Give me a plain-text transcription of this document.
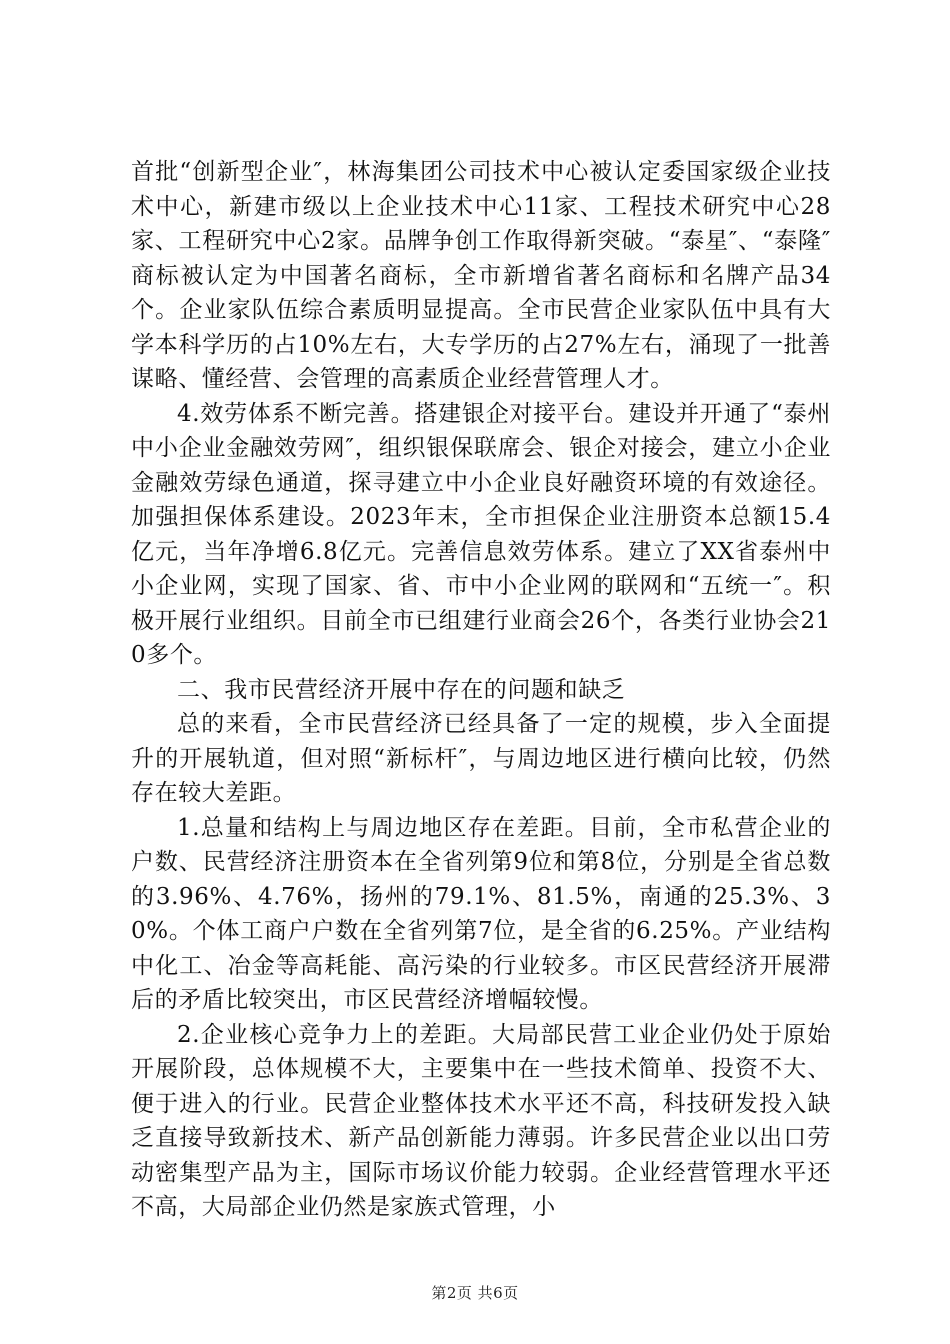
首批“创新型企业″，林海集团公司技术中心被认定委国家级企业技术中心，新建市级以上企业技术中心11家、工程技术研究中心28家、工程研究中心2家。品牌争创工作取得新突破。“泰星″、“泰隆″商标被认定为中国著名商标，全市新增省著名商标和名牌产品34个。企业家队伍综合素质明显提高。全市民营企业家队伍中具有大学本科学历的占10%左右，大专学历的占27%左右，涌现了一批善谋略、懂经营、会管理的高素质企业经营管理人才。

4.效劳体系不断完善。搭建银企对接平台。建设并开通了“泰州中小企业金融效劳网″，组织银保联席会、银企对接会，建立小企业金融效劳绿色通道，探寻建立中小企业良好融资环境的有效途径。加强担保体系建设。2023年末，全市担保企业注册资本总额15.4亿元，当年净增6.8亿元。完善信息效劳体系。建立了XX省泰州中小企业网，实现了国家、省、市中小企业网的联网和“五统一″。积极开展行业组织。目前全市已组建行业商会26个，各类行业协会210多个。

二、我市民营经济开展中存在的问题和缺乏

总的来看，全市民营经济已经具备了一定的规模，步入全面提升的开展轨道，但对照“新标杆″，与周边地区进行横向比较，仍然存在较大差距。

1.总量和结构上与周边地区存在差距。目前，全市私营企业的户数、民营经济注册资本在全省列第9位和第8位，分别是全省总数的3.96%、4.76%，扬州的79.1%、81.5%，南通的25.3%、30%。个体工商户户数在全省列第7位，是全省的6.25%。产业结构中化工、冶金等高耗能、高污染的行业较多。市区民营经济开展滞后的矛盾比较突出，市区民营经济增幅较慢。

2.企业核心竞争力上的差距。大局部民营工业企业仍处于原始开展阶段，总体规模不大，主要集中在一些技术简单、投资不大、便于进入的行业。民营企业整体技术水平还不高，科技研发投入缺乏直接导致新技术、新产品创新能力薄弱。许多民营企业以出口劳动密集型产品为主，国际市场议价能力较弱。企业经营管理水平还不高，大局部企业仍然是家族式管理，小

第2页 共6页
